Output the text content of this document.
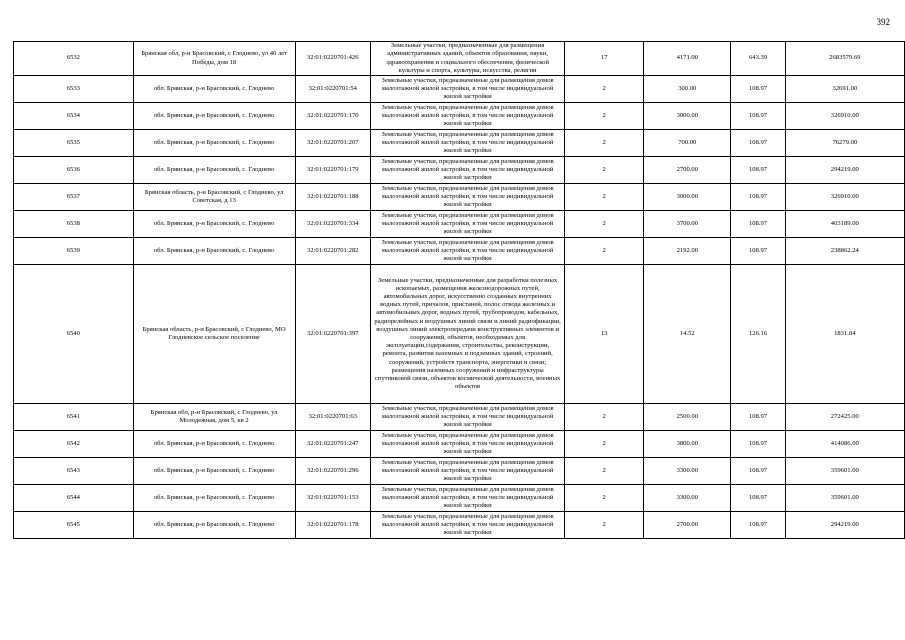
392
6532	Брянская обл, р-н Брасовский, с Глоднево, ул 40 лет Победы, дом 18	32:01:0220701:426	Земельные участки, предназначенные для размещения административных зданий, объектов образования, науки, здравоохранения и социального обеспечения, физической культуры и спорта, культуры, искусства, религии	17	4171.00	643.39	2683579.69
6533	обл. Брянская, р-н Брасовский, с. Глоднево	32:01:0220701:54	Земельные участки, предназначенные для размещения домов малоэтажной жилой застройки, в том числе индивидуальной жилой застройки	2	300.00	108.97	32691.00
6534	обл. Брянская, р-н Брасовский, с. Глоднево	32:01:0220701:170	Земельные участки, предназначенные для размещения домов малоэтажной жилой застройки, в том числе индивидуальной жилой застройки	2	3000.00	108.97	326910.00
6535	обл. Брянская, р-н Брасовский, с. Глоднево	32:01:0220701:207	Земельные участки, предназначенные для размещения домов малоэтажной жилой застройки, в том числе индивидуальной жилой застройки	2	700.00	108.97	76279.00
6536	обл. Брянская, р-н Брасовский, с. Глоднево	32:01:0220701:179	Земельные участки, предназначенные для размещения домов малоэтажной жилой застройки, в том числе индивидуальной жилой застройки	2	2700.00	108.97	294219.00
6537	Брянская область, р-н Брасовский, с Глоднево, ул Советская, д 13	32:01:0220701:188	Земельные участки, предназначенные для размещения домов малоэтажной жилой застройки, в том числе индивидуальной жилой застройки	2	3000.00	108.97	326910.00
6538	обл. Брянская, р-н Брасовский, с. Глоднево	32:01:0220701:334	Земельные участки, предназначенные для размещения домов малоэтажной жилой застройки, в том числе индивидуальной жилой застройки	2	3700.00	108.97	403189.00
6539	обл. Брянская, р-н Брасовский, с. Глоднево	32:01:0220701:282	Земельные участки, предназначенные для размещения домов малоэтажной жилой застройки, в том числе индивидуальной жилой застройки	2	2192.00	108.97	238862.24
6540	Брянская область, р-н Брасовский, с Глоднево, МО Глодневское сельское поселение	32:01:0220701:397	Земельные участки, предназначенные для разработки полезных ископаемых, размещения железнодорожных путей, автомобильных дорог, искусственно созданных внутренних водных путей, причалов, пристаней, полос отвода железных и автомобильных дорог, водных путей, трубопроводов, кабельных, радиорелейных и воздушных линий связи и линий радиофикации, воздушных линий электропередачи конструктивных элементов и сооружений, объектов, необходимых для эксплуатации,содержания, строительства, реконструкции, ремонта, развития наземных и подземных зданий, строений, сооружений, устройств транспорта, энергетики и связи; размещения наземных сооружений и инфраструктуры спутниковой связи, объектов космической деятельности, военных объектов	13	14.52	126.16	1831.84
6541	Брянская обл, р-н Брасовский, с Глоднево, ул Молодежная, дом 5, кв 2	32:01:0220701:63	Земельные участки, предназначенные для размещения домов малоэтажной жилой застройки, в том числе индивидуальной жилой застройки	2	2500.00	108.97	272425.00
6542	обл. Брянская, р-н Брасовский, с. Глоднево	32:01:0220701:247	Земельные участки, предназначенные для размещения домов малоэтажной жилой застройки, в том числе индивидуальной жилой застройки	2	3800.00	108.97	414086.00
6543	обл. Брянская, р-н Брасовский, с. Глоднево	32:01:0220701:296	Земельные участки, предназначенные для размещения домов малоэтажной жилой застройки, в том числе индивидуальной жилой застройки	2	3300.00	108.97	359601.00
6544	обл. Брянская, р-н Брасовский, с. Глоднево	32:01:0220701:153	Земельные участки, предназначенные для размещения домов малоэтажной жилой застройки, в том числе индивидуальной жилой застройки	2	3300.00	108.97	359601.00
6545	обл. Брянская, р-н Брасовский, с. Глоднево	32:01:0220701:178	Земельные участки, предназначенные для размещения домов малоэтажной жилой застройки, в том числе индивидуальной жилой застройки	2	2700.00	108.97	294219.00
